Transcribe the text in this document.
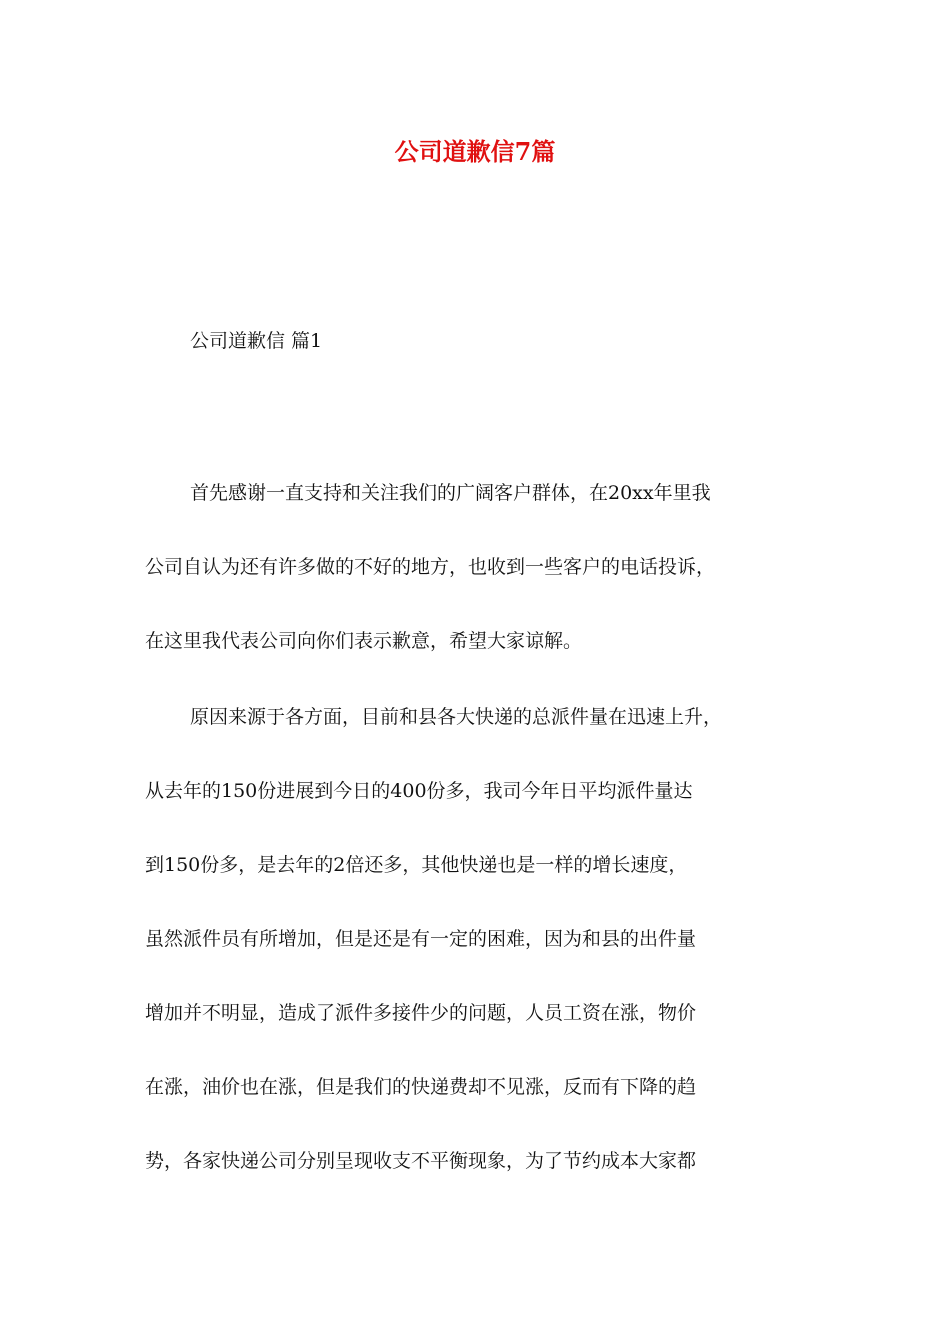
公司道歉信7篇
公司道歉信 篇1
首先感谢一直支持和关注我们的广阔客户群体，在20xx年里我
公司自认为还有许多做的不好的地方，也收到一些客户的电话投诉，
在这里我代表公司向你们表示歉意，希望大家谅解。
原因来源于各方面，目前和县各大快递的总派件量在迅速上升，
从去年的150份进展到今日的400份多，我司今年日平均派件量达
到150份多，是去年的2倍还多，其他快递也是一样的增长速度，
虽然派件员有所增加，但是还是有一定的困难，因为和县的出件量
增加并不明显，造成了派件多接件少的问题，人员工资在涨，物价
在涨，油价也在涨，但是我们的快递费却不见涨，反而有下降的趋
势，各家快递公司分别呈现收支不平衡现象，为了节约成本大家都
